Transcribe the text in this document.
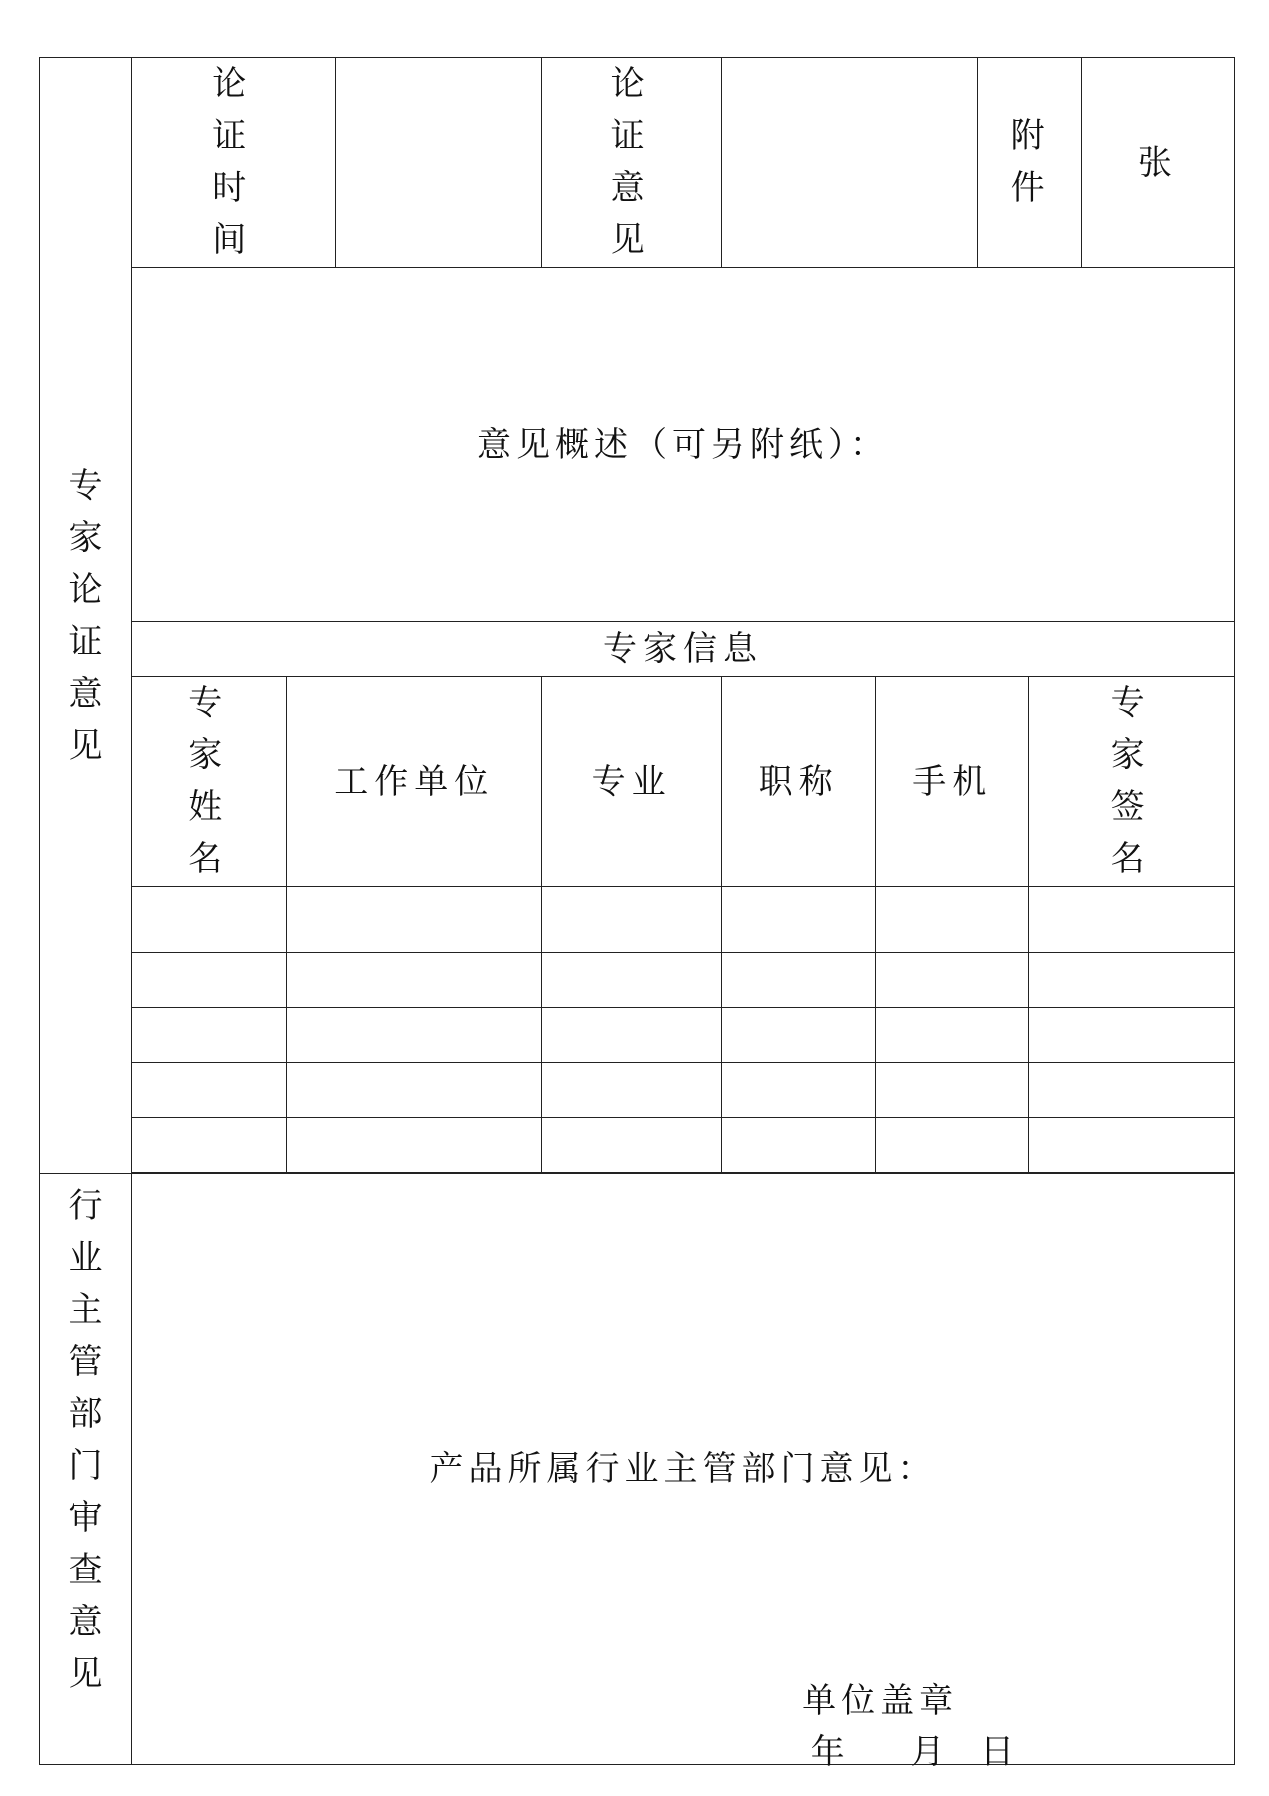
专家论证意见	论证时间			论证意见			附件		张

	意见概述（可另附纸）：								

	专家信息								
	专家姓名	工作单位		专业	职称	手机		专家签名	

行业主管部门审查意见	产品所属行业主管部门意见：
单位盖章
年 月 日								
